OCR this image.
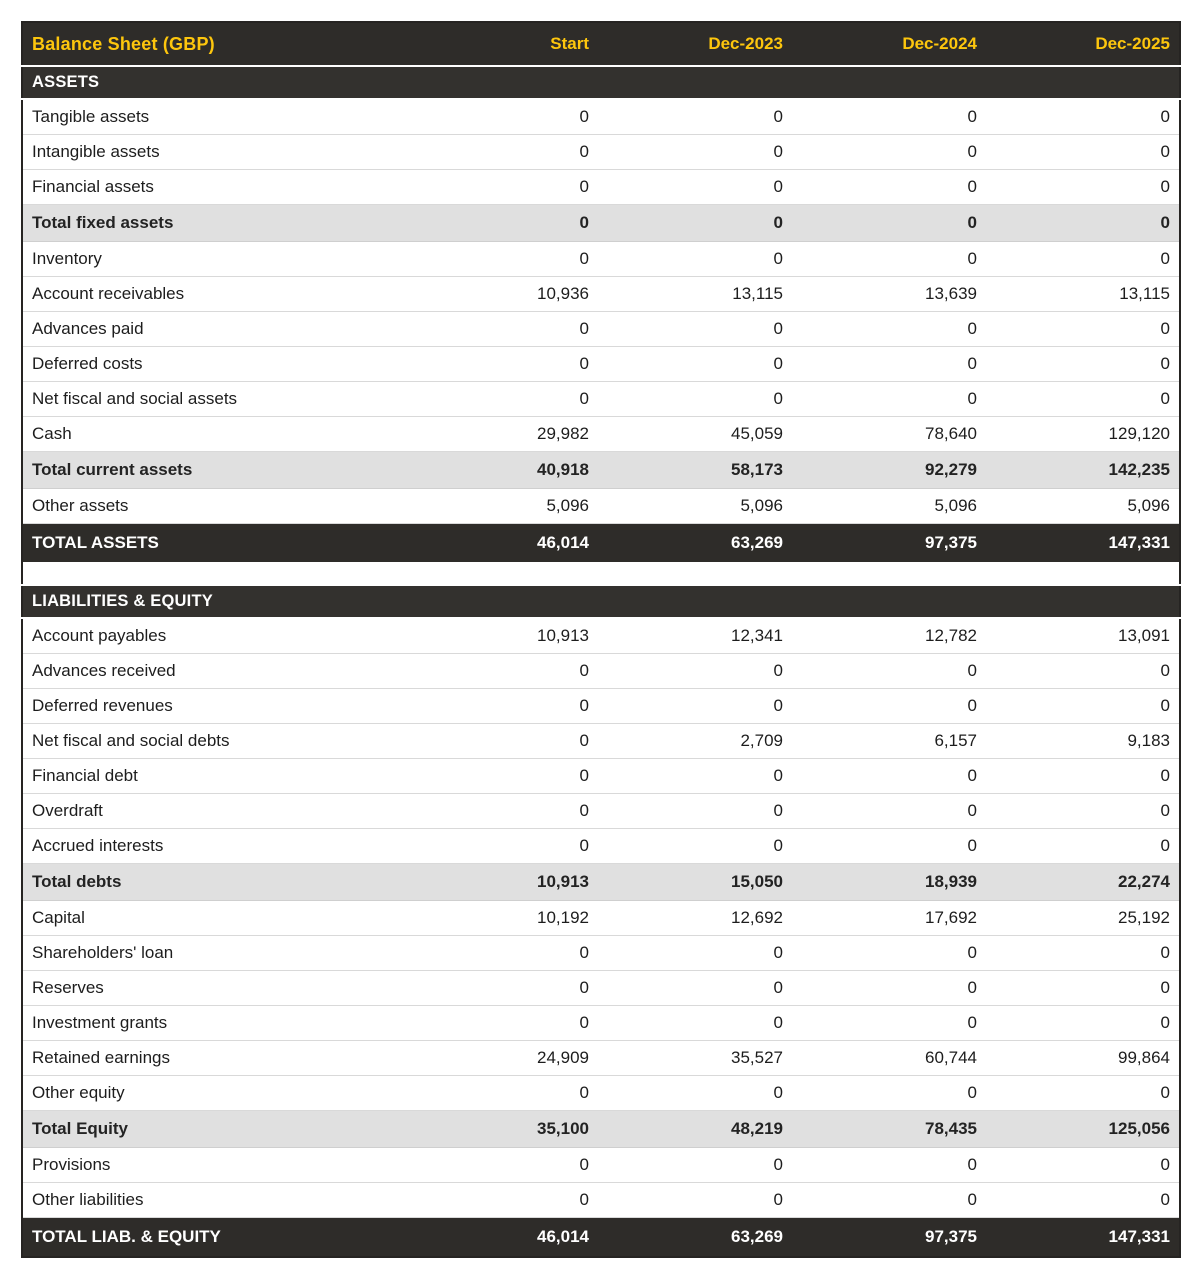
Balance Sheet (GBP)	Start	Dec-2023	Dec-2024	Dec-2025
ASSETS				
Tangible assets	0	0	0	0
Intangible assets	0	0	0	0
Financial assets	0	0	0	0
Total fixed assets	0	0	0	0
Inventory	0	0	0	0
Account receivables	10,936	13,115	13,639	13,115
Advances paid	0	0	0	0
Deferred costs	0	0	0	0
Net fiscal and social assets	0	0	0	0
Cash	29,982	45,059	78,640	129,120
Total current assets	40,918	58,173	92,279	142,235
Other assets	5,096	5,096	5,096	5,096
TOTAL ASSETS	46,014	63,269	97,375	147,331

LIABILITIES & EQUITY				
Account payables	10,913	12,341	12,782	13,091
Advances received	0	0	0	0
Deferred revenues	0	0	0	0
Net fiscal and social debts	0	2,709	6,157	9,183
Financial debt	0	0	0	0
Overdraft	0	0	0	0
Accrued interests	0	0	0	0
Total debts	10,913	15,050	18,939	22,274
Capital	10,192	12,692	17,692	25,192
Shareholders' loan	0	0	0	0
Reserves	0	0	0	0
Investment grants	0	0	0	0
Retained earnings	24,909	35,527	60,744	99,864
Other equity	0	0	0	0
Total Equity	35,100	48,219	78,435	125,056
Provisions	0	0	0	0
Other liabilities	0	0	0	0
TOTAL LIAB. & EQUITY	46,014	63,269	97,375	147,331
